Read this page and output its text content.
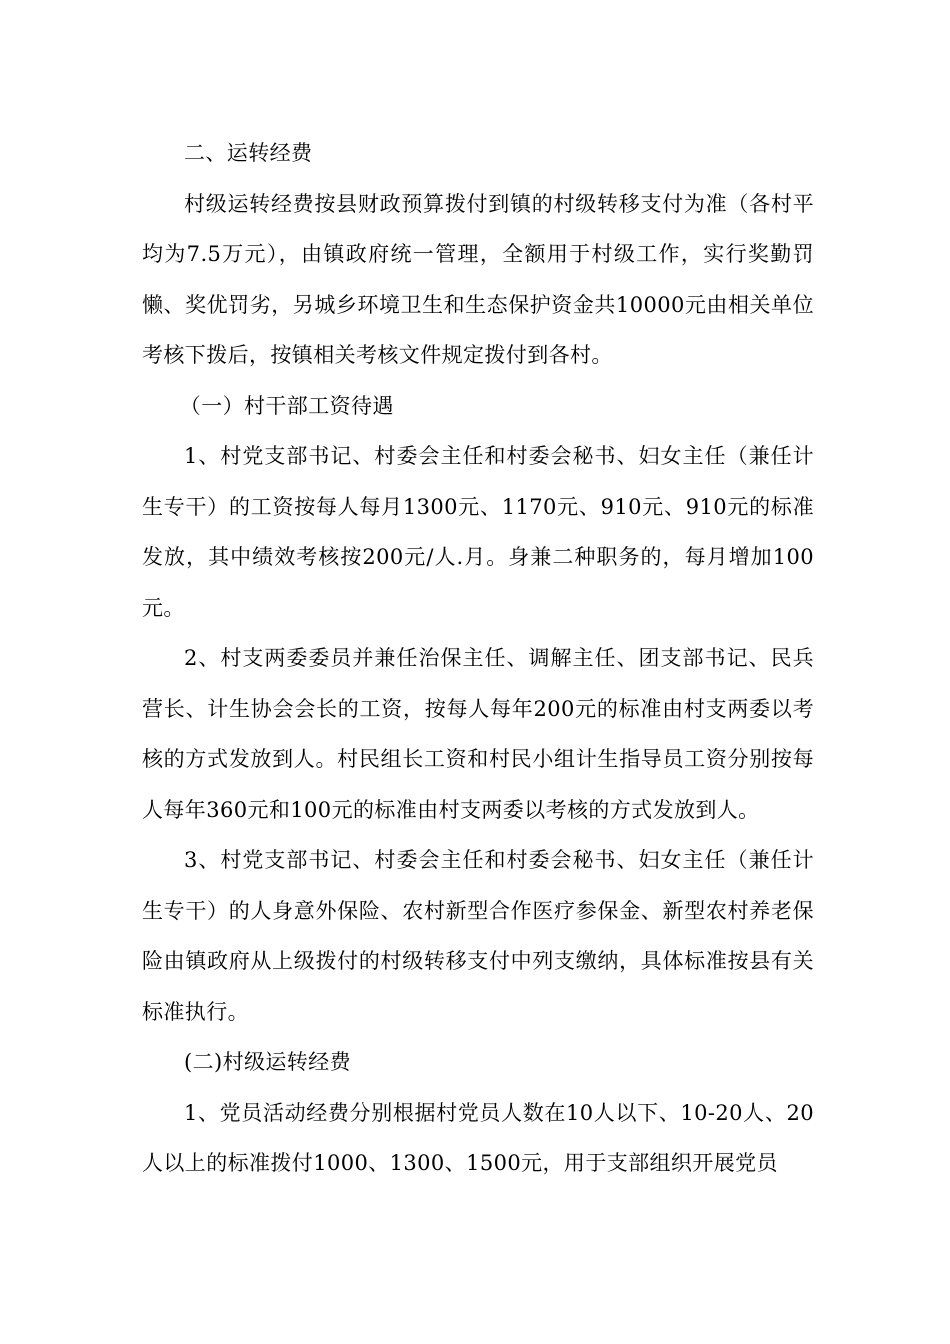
二、运转经费

村级运转经费按县财政预算拨付到镇的村级转移支付为准（各村平均为7.5万元），由镇政府统一管理，全额用于村级工作，实行奖勤罚懒、奖优罚劣，另城乡环境卫生和生态保护资金共10000元由相关单位考核下拨后，按镇相关考核文件规定拨付到各村。

（一）村干部工资待遇

1、村党支部书记、村委会主任和村委会秘书、妇女主任（兼任计生专干）的工资按每人每月1300元、1170元、910元、910元的标准发放，其中绩效考核按200元/人.月。身兼二种职务的，每月增加100元。

2、村支两委委员并兼任治保主任、调解主任、团支部书记、民兵营长、计生协会会长的工资，按每人每年200元的标准由村支两委以考核的方式发放到人。村民组长工资和村民小组计生指导员工资分别按每人每年360元和100元的标准由村支两委以考核的方式发放到人。

3、村党支部书记、村委会主任和村委会秘书、妇女主任（兼任计生专干）的人身意外保险、农村新型合作医疗参保金、新型农村养老保险由镇政府从上级拨付的村级转移支付中列支缴纳，具体标准按县有关标准执行。

(二)村级运转经费

1、党员活动经费分别根据村党员人数在10人以下、10-20人、20人以上的标准拨付1000、1300、1500元，用于支部组织开展党员
